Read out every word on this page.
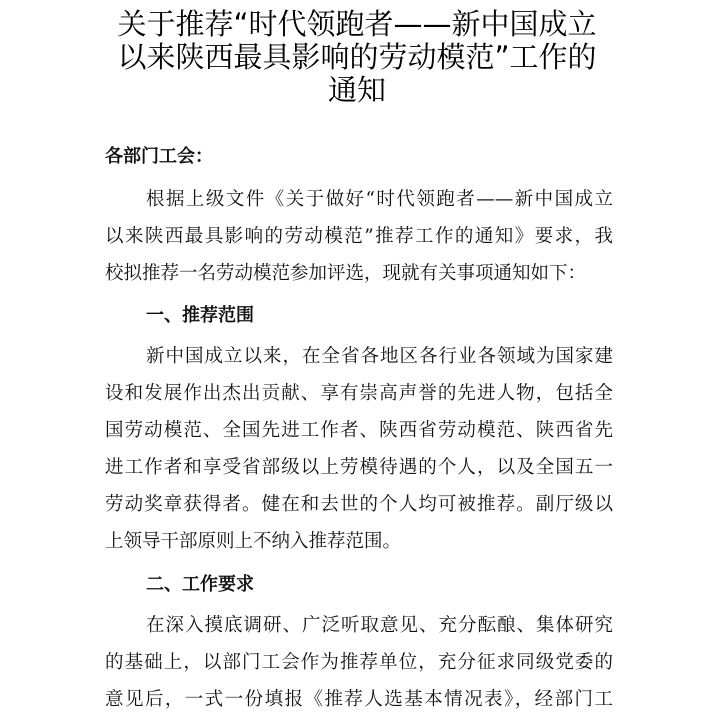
关于推荐“时代领跑者——新中国成立
以来陕西最具影响的劳动模范”工作的
通知
各部门工会：
根据上级文件《关于做好“时代领跑者——新中国成立
以来陕西最具影响的劳动模范”推荐工作的通知》要求，我
校拟推荐一名劳动模范参加评选，现就有关事项通知如下：
一、推荐范围
新中国成立以来，在全省各地区各行业各领域为国家建
设和发展作出杰出贡献、享有崇高声誉的先进人物，包括全
国劳动模范、全国先进工作者、陕西省劳动模范、陕西省先
进工作者和享受省部级以上劳模待遇的个人，以及全国五一
劳动奖章获得者。健在和去世的个人均可被推荐。副厅级以
上领导干部原则上不纳入推荐范围。
二、工作要求
在深入摸底调研、广泛听取意见、充分酝酿、集体研究
的基础上，以部门工会作为推荐单位，充分征求同级党委的
意见后，一式一份填报《推荐人选基本情况表》，经部门工
